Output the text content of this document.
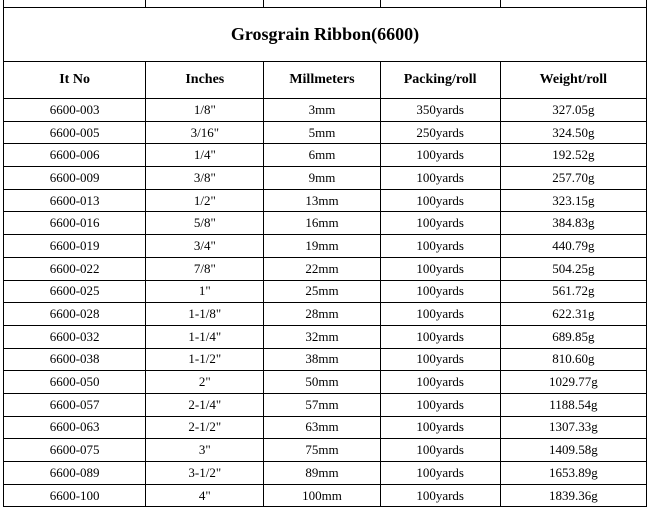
Grosgrain Ribbon(6600)				
It No	Inches	Millmeters	Packing/roll	Weight/roll
6600-003	1/8"	3mm	350yards	327.05g
6600-005	3/16"	5mm	250yards	324.50g
6600-006	1/4"	6mm	100yards	192.52g
6600-009	3/8"	9mm	100yards	257.70g
6600-013	1/2"	13mm	100yards	323.15g
6600-016	5/8"	16mm	100yards	384.83g
6600-019	3/4"	19mm	100yards	440.79g
6600-022	7/8"	22mm	100yards	504.25g
6600-025	1"	25mm	100yards	561.72g
6600-028	1-1/8"	28mm	100yards	622.31g
6600-032	1-1/4"	32mm	100yards	689.85g
6600-038	1-1/2"	38mm	100yards	810.60g
6600-050	2"	50mm	100yards	1029.77g
6600-057	2-1/4"	57mm	100yards	1188.54g
6600-063	2-1/2"	63mm	100yards	1307.33g
6600-075	3"	75mm	100yards	1409.58g
6600-089	3-1/2"	89mm	100yards	1653.89g
6600-100	4"	100mm	100yards	1839.36g
